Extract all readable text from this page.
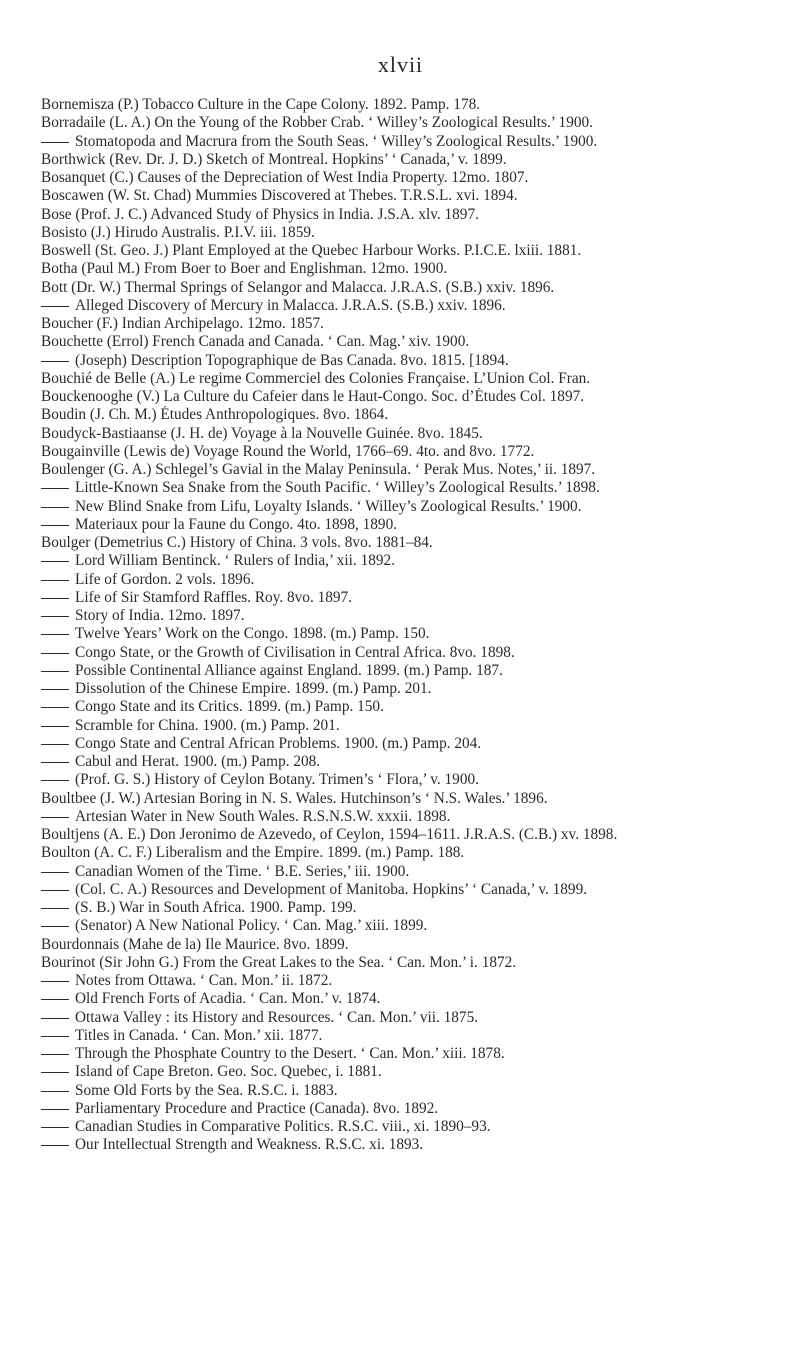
xlvii
Bornemisza (P.) Tobacco Culture in the Cape Colony. 1892. Pamp. 178.
Borradaile (L. A.) On the Young of the Robber Crab. ‘ Willey’s Zoological Results.’ 1900.
Stomatopoda and Macrura from the South Seas. ‘ Willey’s Zoological Results.’ 1900.
Borthwick (Rev. Dr. J. D.) Sketch of Montreal. Hopkins’ ‘ Canada,’ v. 1899.
Bosanquet (C.) Causes of the Depreciation of West India Property. 12mo. 1807.
Boscawen (W. St. Chad) Mummies Discovered at Thebes. T.R.S.L. xvi. 1894.
Bose (Prof. J. C.) Advanced Study of Physics in India. J.S.A. xlv. 1897.
Bosisto (J.) Hirudo Australis. P.I.V. iii. 1859.
Boswell (St. Geo. J.) Plant Employed at the Quebec Harbour Works. P.I.C.E. lxiii. 1881.
Botha (Paul M.) From Boer to Boer and Englishman. 12mo. 1900.
Bott (Dr. W.) Thermal Springs of Selangor and Malacca. J.R.A.S. (S.B.) xxiv. 1896.
Alleged Discovery of Mercury in Malacca. J.R.A.S. (S.B.) xxiv. 1896.
Boucher (F.) Indian Archipelago. 12mo. 1857.
Bouchette (Errol) French Canada and Canada. ‘ Can. Mag.’ xiv. 1900.
(Joseph) Description Topographique de Bas Canada. 8vo. 1815. [1894.
Bouchié de Belle (A.) Le regime Commerciel des Colonies Française. L’Union Col. Fran.
Bouckenooghe (V.) La Culture du Cafeier dans le Haut-Congo. Soc. d’Études Col. 1897.
Boudin (J. Ch. M.) Études Anthropologiques. 8vo. 1864.
Boudyck-Bastiaanse (J. H. de) Voyage à la Nouvelle Guinée. 8vo. 1845.
Bougainville (Lewis de) Voyage Round the World, 1766–69. 4to. and 8vo. 1772.
Boulenger (G. A.) Schlegel’s Gavial in the Malay Peninsula. ‘ Perak Mus. Notes,’ ii. 1897.
Little-Known Sea Snake from the South Pacific. ‘ Willey’s Zoological Results.’ 1898.
New Blind Snake from Lifu, Loyalty Islands. ‘ Willey’s Zoological Results.’ 1900.
Materiaux pour la Faune du Congo. 4to. 1898, 1890.
Boulger (Demetrius C.) History of China. 3 vols. 8vo. 1881–84.
Lord William Bentinck. ‘ Rulers of India,’ xii. 1892.
Life of Gordon. 2 vols. 1896.
Life of Sir Stamford Raffles. Roy. 8vo. 1897.
Story of India. 12mo. 1897.
Twelve Years’ Work on the Congo. 1898. (m.) Pamp. 150.
Congo State, or the Growth of Civilisation in Central Africa. 8vo. 1898.
Possible Continental Alliance against England. 1899. (m.) Pamp. 187.
Dissolution of the Chinese Empire. 1899. (m.) Pamp. 201.
Congo State and its Critics. 1899. (m.) Pamp. 150.
Scramble for China. 1900. (m.) Pamp. 201.
Congo State and Central African Problems. 1900. (m.) Pamp. 204.
Cabul and Herat. 1900. (m.) Pamp. 208.
(Prof. G. S.) History of Ceylon Botany. Trimen’s ‘ Flora,’ v. 1900.
Boultbee (J. W.) Artesian Boring in N. S. Wales. Hutchinson’s ‘ N.S. Wales.’ 1896.
Artesian Water in New South Wales. R.S.N.S.W. xxxii. 1898.
Boultjens (A. E.) Don Jeronimo de Azevedo, of Ceylon, 1594–1611. J.R.A.S. (C.B.) xv. 1898.
Boulton (A. C. F.) Liberalism and the Empire. 1899. (m.) Pamp. 188.
Canadian Women of the Time. ‘ B.E. Series,’ iii. 1900.
(Col. C. A.) Resources and Development of Manitoba. Hopkins’ ‘ Canada,’ v. 1899.
(S. B.) War in South Africa. 1900. Pamp. 199.
(Senator) A New National Policy. ‘ Can. Mag.’ xiii. 1899.
Bourdonnais (Mahe de la) Ile Maurice. 8vo. 1899.
Bourinot (Sir John G.) From the Great Lakes to the Sea. ‘ Can. Mon.’ i. 1872.
Notes from Ottawa. ‘ Can. Mon.’ ii. 1872.
Old French Forts of Acadia. ‘ Can. Mon.’ v. 1874.
Ottawa Valley : its History and Resources. ‘ Can. Mon.’ vii. 1875.
Titles in Canada. ‘ Can. Mon.’ xii. 1877.
Through the Phosphate Country to the Desert. ‘ Can. Mon.’ xiii. 1878.
Island of Cape Breton. Geo. Soc. Quebec, i. 1881.
Some Old Forts by the Sea. R.S.C. i. 1883.
Parliamentary Procedure and Practice (Canada). 8vo. 1892.
Canadian Studies in Comparative Politics. R.S.C. viii., xi. 1890–93.
Our Intellectual Strength and Weakness. R.S.C. xi. 1893.
